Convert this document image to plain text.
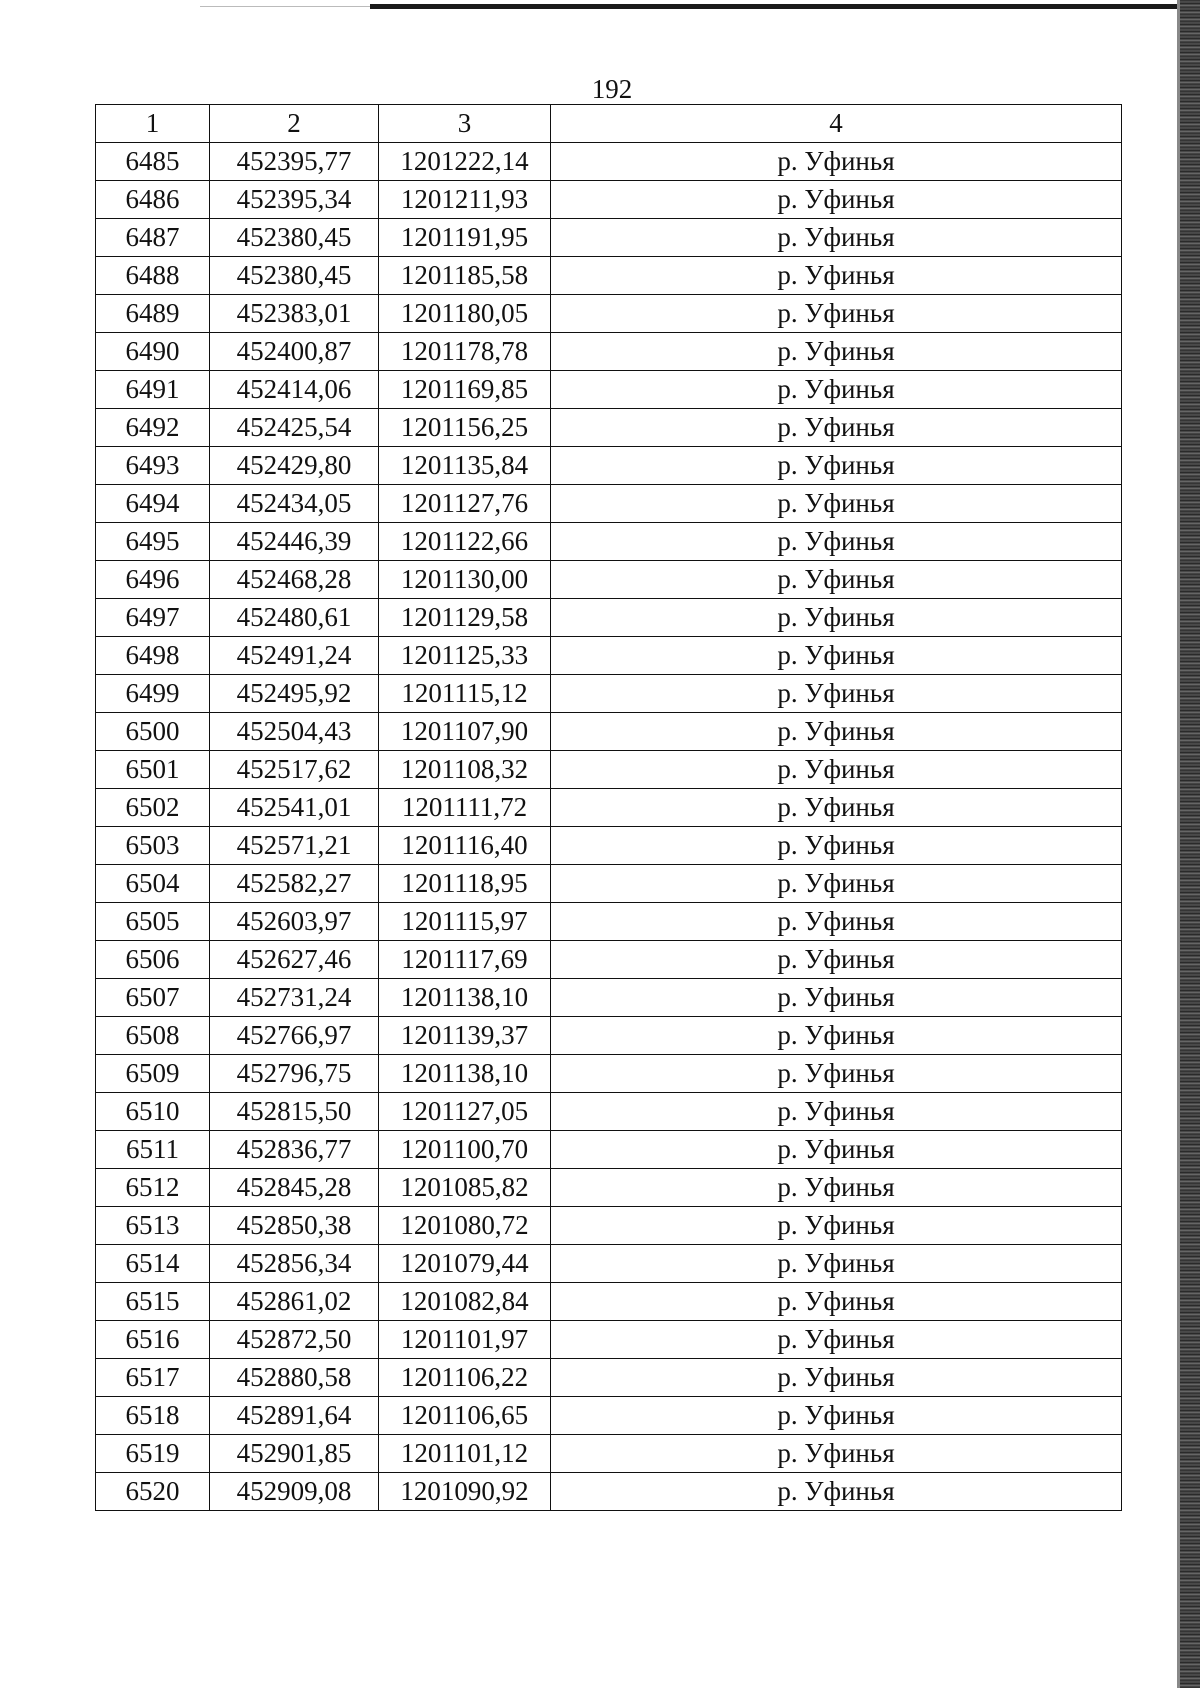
192
1	2	3	4
6485	452395,77	1201222,14	р. Уфинья
6486	452395,34	1201211,93	р. Уфинья
6487	452380,45	1201191,95	р. Уфинья
6488	452380,45	1201185,58	р. Уфинья
6489	452383,01	1201180,05	р. Уфинья
6490	452400,87	1201178,78	р. Уфинья
6491	452414,06	1201169,85	р. Уфинья
6492	452425,54	1201156,25	р. Уфинья
6493	452429,80	1201135,84	р. Уфинья
6494	452434,05	1201127,76	р. Уфинья
6495	452446,39	1201122,66	р. Уфинья
6496	452468,28	1201130,00	р. Уфинья
6497	452480,61	1201129,58	р. Уфинья
6498	452491,24	1201125,33	р. Уфинья
6499	452495,92	1201115,12	р. Уфинья
6500	452504,43	1201107,90	р. Уфинья
6501	452517,62	1201108,32	р. Уфинья
6502	452541,01	1201111,72	р. Уфинья
6503	452571,21	1201116,40	р. Уфинья
6504	452582,27	1201118,95	р. Уфинья
6505	452603,97	1201115,97	р. Уфинья
6506	452627,46	1201117,69	р. Уфинья
6507	452731,24	1201138,10	р. Уфинья
6508	452766,97	1201139,37	р. Уфинья
6509	452796,75	1201138,10	р. Уфинья
6510	452815,50	1201127,05	р. Уфинья
6511	452836,77	1201100,70	р. Уфинья
6512	452845,28	1201085,82	р. Уфинья
6513	452850,38	1201080,72	р. Уфинья
6514	452856,34	1201079,44	р. Уфинья
6515	452861,02	1201082,84	р. Уфинья
6516	452872,50	1201101,97	р. Уфинья
6517	452880,58	1201106,22	р. Уфинья
6518	452891,64	1201106,65	р. Уфинья
6519	452901,85	1201101,12	р. Уфинья
6520	452909,08	1201090,92	р. Уфинья
